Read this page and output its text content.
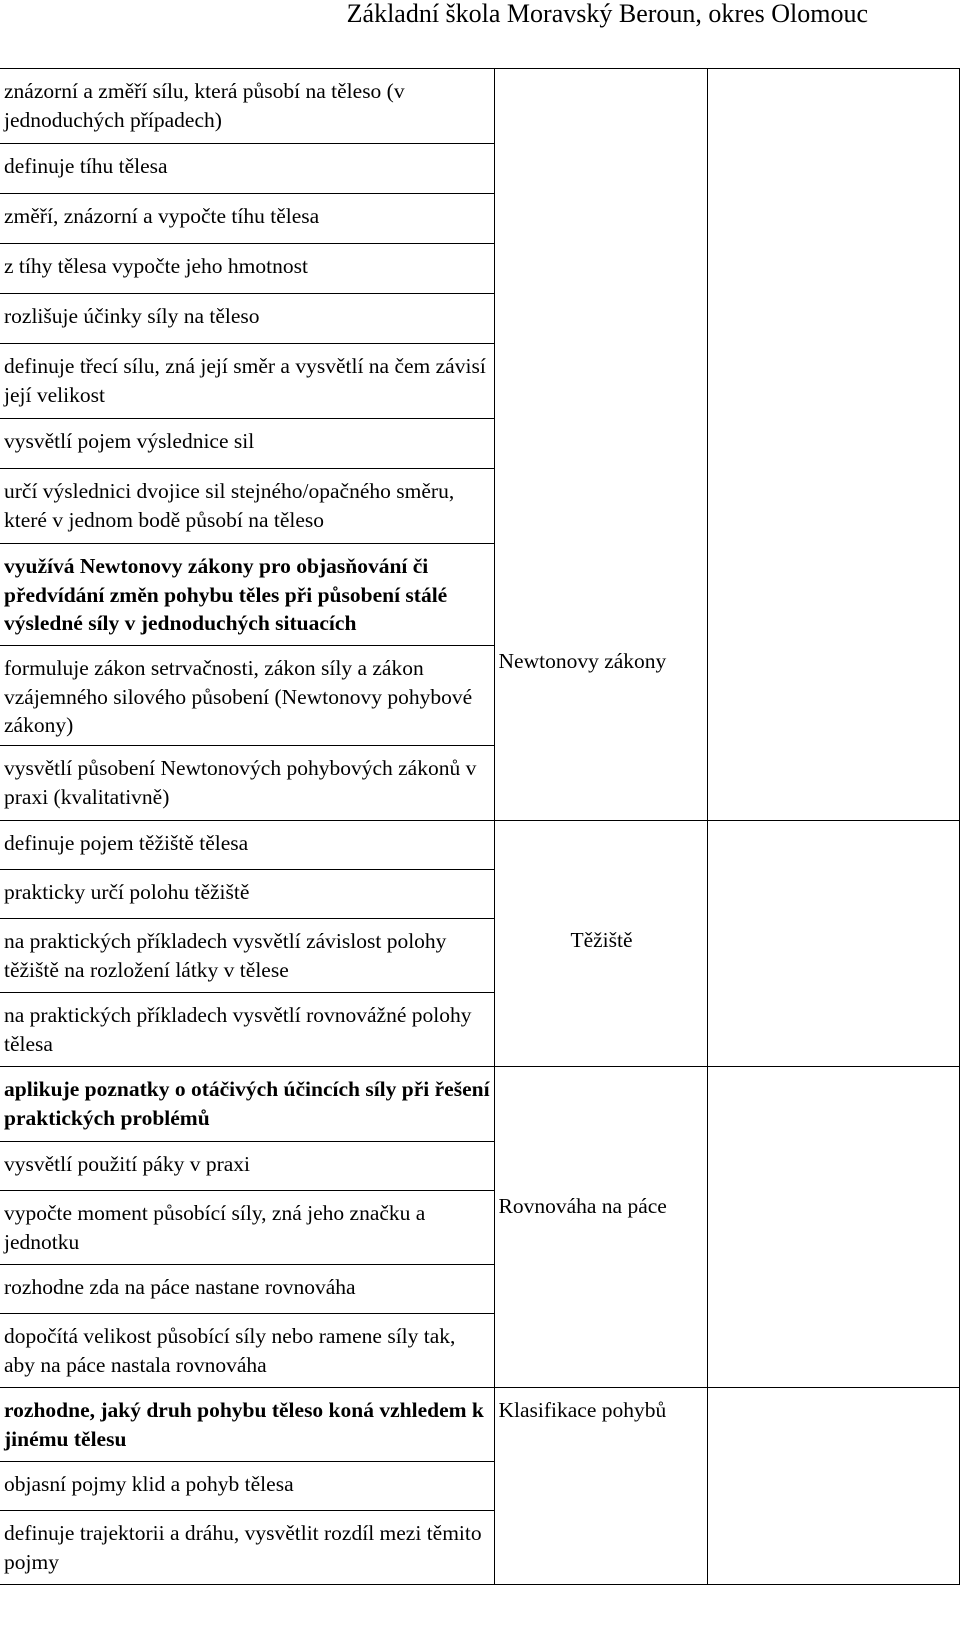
Základní škola Moravský Beroun, okres Olomouc
znázorní a změří sílu, která působí na těleso (v jednoduchých případech)	Newtonovy zákony	
definuje tíhu tělesa		
změří, znázorní a vypočte tíhu tělesa		
z tíhy tělesa vypočte jeho hmotnost		
rozlišuje účinky síly na těleso		
definuje třecí sílu, zná její směr a vysvětlí na čem závisí její velikost		
vysvětlí pojem výslednice sil		
určí výslednici dvojice sil stejného/opačného směru, které v jednom bodě působí na těleso		
využívá Newtonovy zákony pro objasňování či předvídání změn pohybu těles při působení stálé výsledné síly v jednoduchých situacích		
formuluje zákon setrvačnosti, zákon síly a zákon vzájemného silového působení (Newtonovy pohybové zákony)		
vysvětlí působení Newtonových pohybových zákonů v praxi (kvalitativně)		
definuje pojem těžiště tělesa	Těžiště	
prakticky určí polohu těžiště		
na praktických příkladech vysvětlí závislost polohy těžiště na rozložení látky v tělese		
na praktických příkladech vysvětlí rovnovážné polohy tělesa		
aplikuje poznatky o otáčivých účincích síly při řešení praktických problémů	Rovnováha na páce	
vysvětlí použití páky v praxi		
vypočte moment působící síly, zná jeho značku a jednotku		
rozhodne zda na páce nastane rovnováha		
dopočítá velikost působící síly nebo ramene síly tak, aby na páce nastala rovnováha		
rozhodne, jaký druh pohybu těleso koná vzhledem k jinému tělesu	Klasifikace pohybů	
objasní pojmy klid a pohyb tělesa		
definuje trajektorii a dráhu, vysvětlit rozdíl mezi těmito pojmy		
